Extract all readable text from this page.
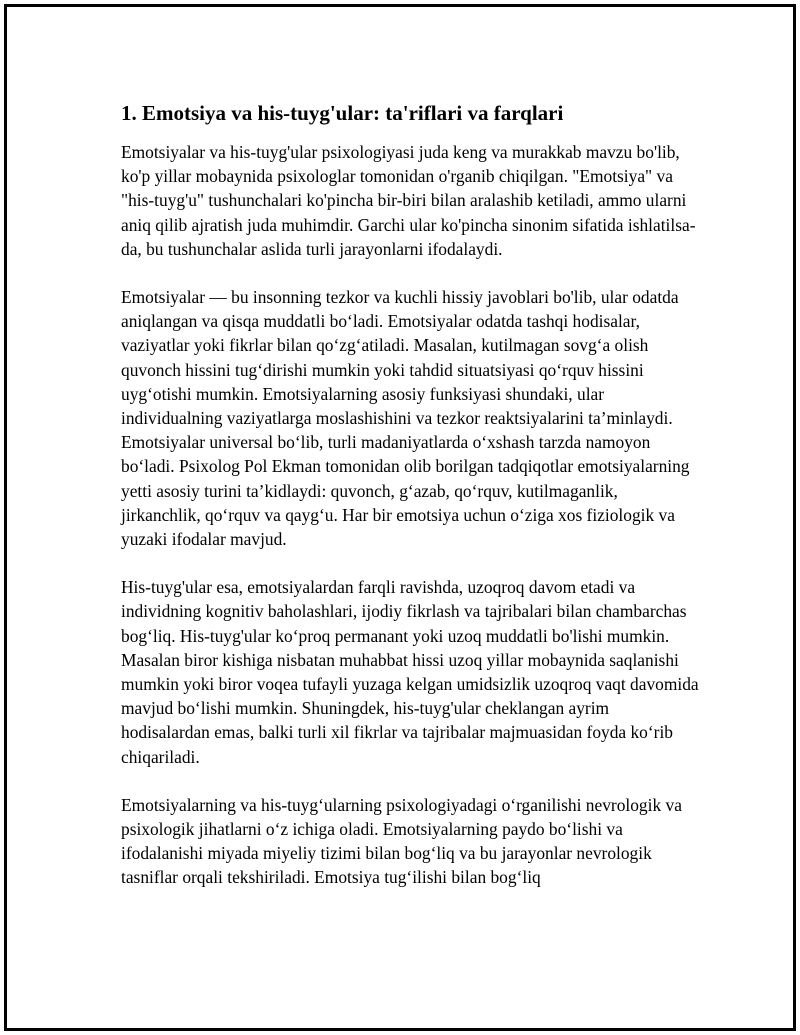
1. Emotsiya va his-tuyg'ular: ta'riflari va farqlari

Emotsiyalar va his-tuyg'ular psixologiyasi juda keng va murakkab mavzu bo'lib, ko'p yillar mobaynida psixologlar tomonidan o'rganib chiqilgan. "Emotsiya" va "his-tuyg'u" tushunchalari ko'pincha bir-biri bilan aralashib ketiladi, ammo ularni aniq qilib ajratish juda muhimdir. Garchi ular ko'pincha sinonim sifatida ishlatilsa-da, bu tushunchalar aslida turli jarayonlarni ifodalaydi.

Emotsiyalar — bu insonning tezkor va kuchli hissiy javoblari bo'lib, ular odatda aniqlangan va qisqa muddatli bo‘ladi. Emotsiyalar odatda tashqi hodisalar, vaziyatlar yoki fikrlar bilan qo‘zg‘atiladi. Masalan, kutilmagan sovg‘a olish quvonch hissini tug‘dirishi mumkin yoki tahdid situatsiyasi qo‘rquv hissini uyg‘otishi mumkin. Emotsiyalarning asosiy funksiyasi shundaki, ular individualning vaziyatlarga moslashishini va tezkor reaktsiyalarini ta’minlaydi. Emotsiyalar universal bo‘lib, turli madaniyatlarda o‘xshash tarzda namoyon bo‘ladi. Psixolog Pol Ekman tomonidan olib borilgan tadqiqotlar emotsiyalarning yetti asosiy turini ta’kidlaydi: quvonch, g‘azab, qo‘rquv, kutilmaganlik, jirkanchlik, qo‘rquv va qayg‘u. Har bir emotsiya uchun o‘ziga xos fiziologik va yuzaki ifodalar mavjud.

His-tuyg'ular esa, emotsiyalardan farqli ravishda, uzoqroq davom etadi va individning kognitiv baholashlari, ijodiy fikrlash va tajribalari bilan chambarchas bog‘liq. His-tuyg'ular ko‘proq permanant yoki uzoq muddatli bo'lishi mumkin. Masalan biror kishiga nisbatan muhabbat hissi uzoq yillar mobaynida saqlanishi mumkin yoki biror voqea tufayli yuzaga kelgan umidsizlik uzoqroq vaqt davomida mavjud bo‘lishi mumkin. Shuningdek, his-tuyg'ular cheklangan ayrim hodisalardan emas, balki turli xil fikrlar va tajribalar majmuasidan foyda ko‘rib chiqariladi.

Emotsiyalarning va his-tuyg‘ularning psixologiyadagi o‘rganilishi nevrologik va psixologik jihatlarni o‘z ichiga oladi. Emotsiyalarning paydo bo‘lishi va ifodalanishi miyada miyeliy tizimi bilan bog‘liq va bu jarayonlar nevrologik tasniflar orqali tekshiriladi. Emotsiya tug‘ilishi bilan bog‘liq
